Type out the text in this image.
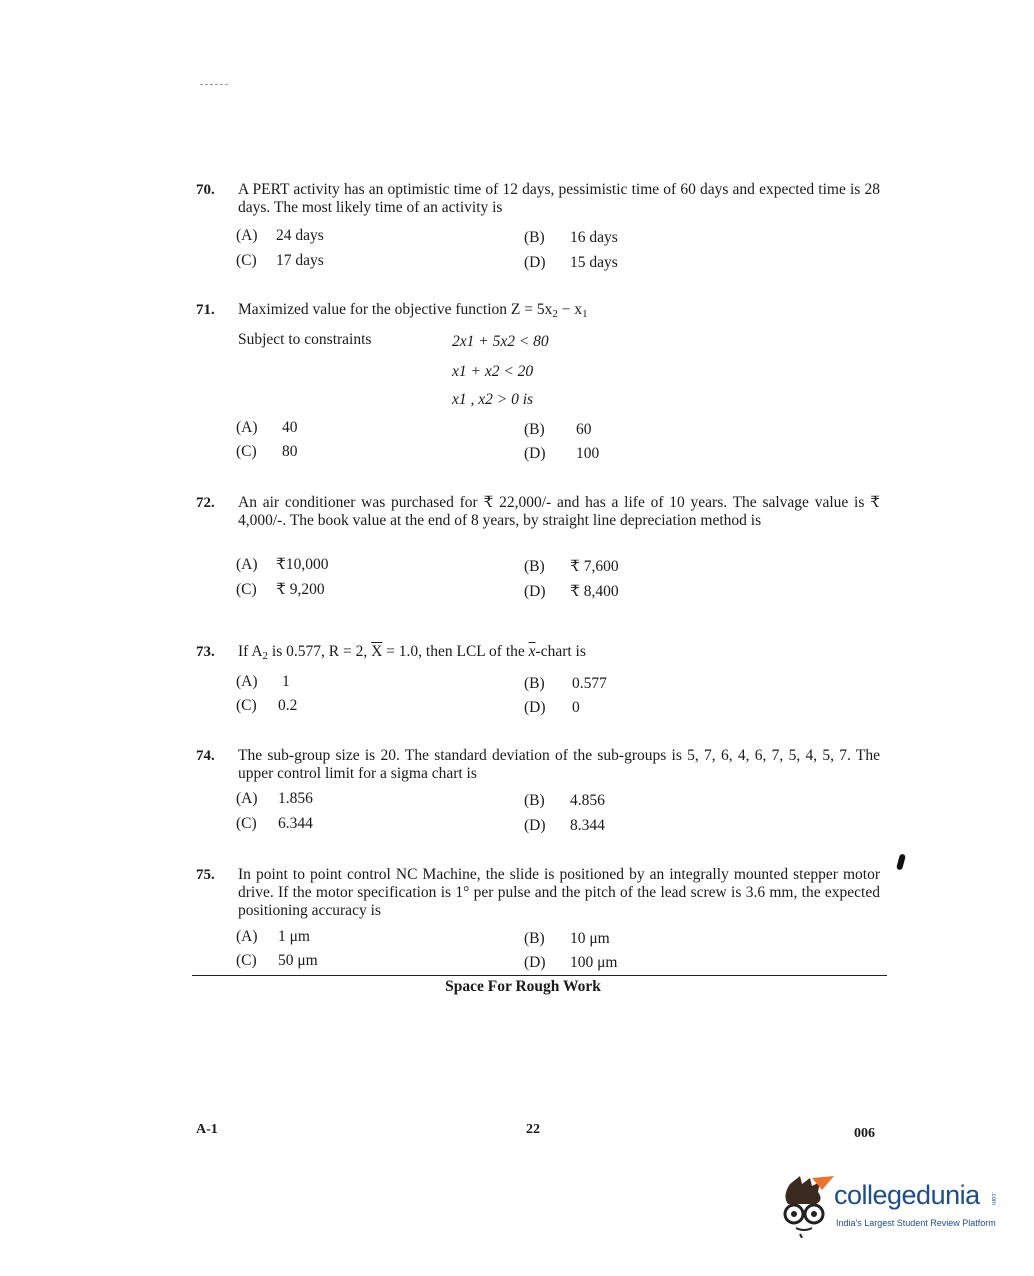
70. A PERT activity has an optimistic time of 12 days, pessimistic time of 60 days and expected time is 28 days. The most likely time of an activity is
(A) 24 days	(B) 16 days
(C) 17 days	(D) 15 days
71. Maximized value for the objective function $Z = 5x_2 - x_1$
Subject to constraints	2x1 + 5x2 < 80
x1 + x2 < 20
x1 , x2 > 0 is
(A) 40	(B) 60
(C) 80	(D) 100
72. An air conditioner was purchased for ₹ 22,000/- and has a life of 10 years. The salvage value is ₹ 4,000/-. The book value at the end of 8 years, by straight line depreciation method is
(A) ₹10,000	(B) ₹ 7,600
(C) ₹ 9,200	(D) ₹ 8,400
73. If $A_2$ is 0.577, R = 2, $\overline{X} = 1.0$, then LCL of the $\overline{x}$-chart is
(A) 1	(B) 0.577
(C) 0.2	(D) 0
74. The sub-group size is 20. The standard deviation of the sub-groups is 5, 7, 6, 4, 6, 7, 5, 4, 5, 7. The upper control limit for a sigma chart is
(A) 1.856	(B) 4.856
(C) 6.344	(D) 8.344
75. In point to point control NC Machine, the slide is positioned by an integrally mounted stepper motor drive. If the motor specification is 1° per pulse and the pitch of the lead screw is 3.6 mm, the expected positioning accuracy is
(A) 1 μm	(B) 10 μm
(C) 50 μm	(D) 100 μm
Space For Rough Work
A-1	22	006
collegedunia .com
India's Largest Student Review Platform
